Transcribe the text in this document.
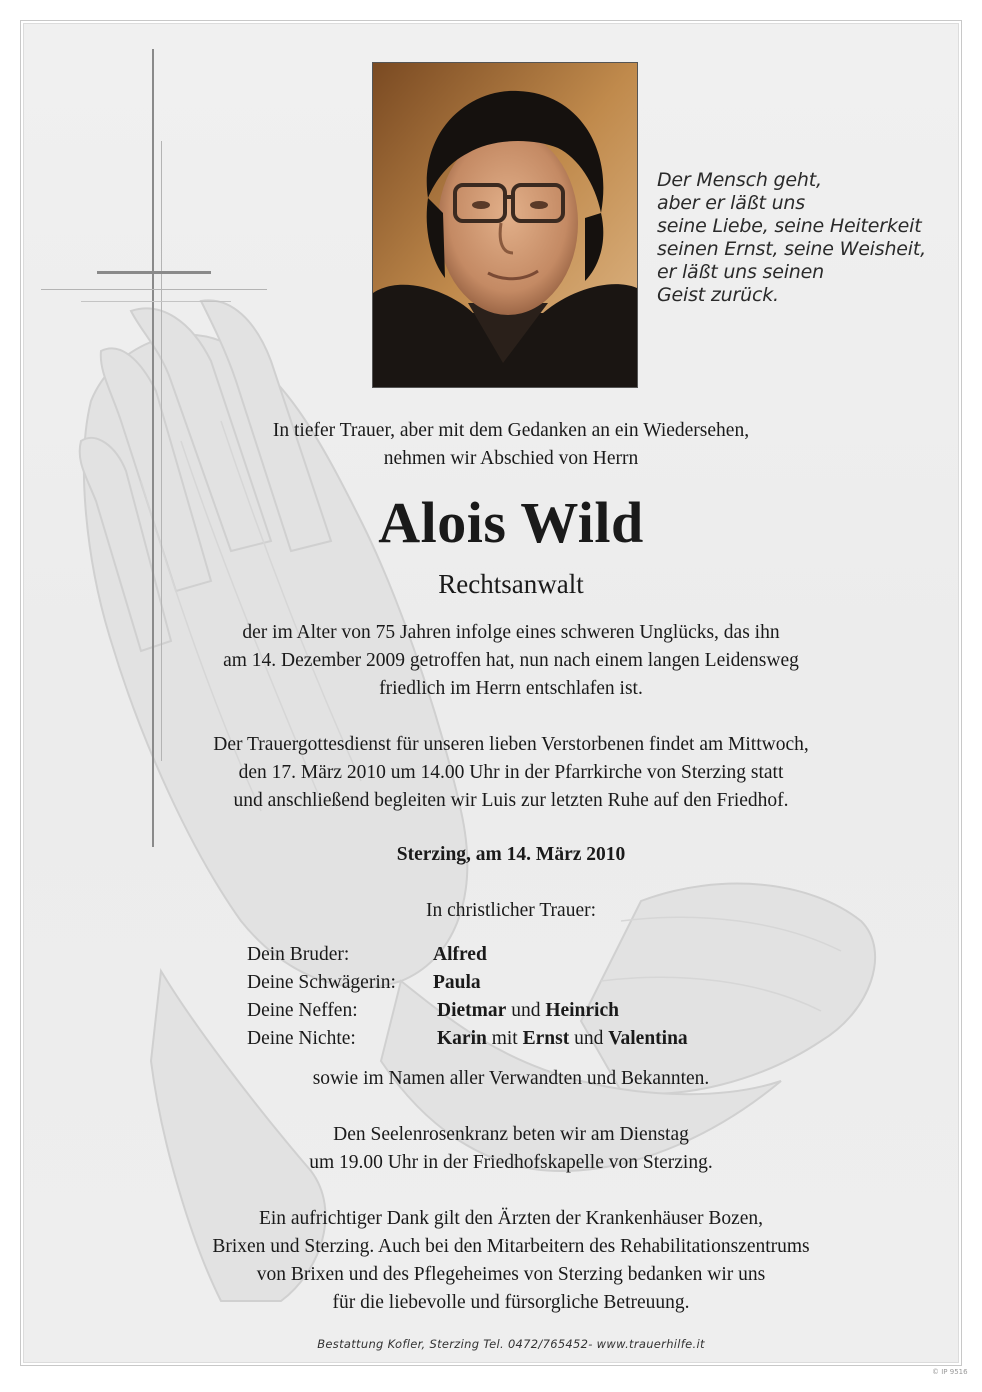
Der Mensch geht,
aber er läßt uns
seine Liebe, seine Heiterkeit
seinen Ernst, seine Weisheit,
er läßt uns seinen
Geist zurück.
In tiefer Trauer, aber mit dem Gedanken an ein Wiedersehen,
nehmen wir Abschied von Herrn
Alois Wild
Rechtsanwalt
der im Alter von 75 Jahren infolge eines schweren Unglücks, das ihn
am 14. Dezember 2009 getroffen hat, nun nach einem langen Leidensweg
friedlich im Herrn entschlafen ist.
Der Trauergottesdienst für unseren lieben Verstorbenen findet am Mittwoch,
den 17. März 2010 um 14.00 Uhr in der Pfarrkirche von Sterzing statt
und anschließend begleiten wir Luis zur letzten Ruhe auf den Friedhof.
Sterzing, am 14. März 2010
In christlicher Trauer:
Dein Bruder:	Alfred
Deine Schwägerin: Paula
Deine Neffen:	Dietmar und Heinrich
Deine Nichte:	Karin mit Ernst und Valentina
sowie im Namen aller Verwandten und Bekannten.
Den Seelenrosenkranz beten wir am Dienstag
um 19.00 Uhr in der Friedhofskapelle von Sterzing.
Ein aufrichtiger Dank gilt den Ärzten der Krankenhäuser Bozen,
Brixen und Sterzing. Auch bei den Mitarbeitern des Rehabilitationszentrums
von Brixen und des Pflegeheimes von Sterzing bedanken wir uns
für die liebevolle und fürsorgliche Betreuung.
Bestattung Kofler, Sterzing Tel. 0472/765452- www.trauerhilfe.it
© IP 9516
